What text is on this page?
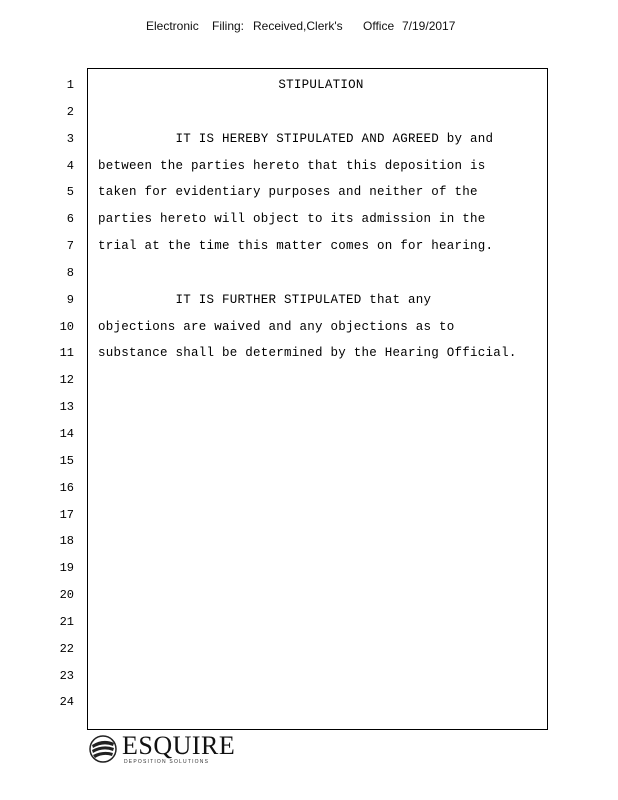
Electronic Filing: Received,Clerk's Office 7/19/2017
1
2
3
4
5
6
7
8
9
10
11
12
13
14
15
16
17
18
19
20
21
22
23
24
STIPULATION
IT IS HEREBY STIPULATED AND AGREED by and
between the parties hereto that this deposition is
taken for evidentiary purposes and neither of the
parties hereto will object to its admission in the
trial at the time this matter comes on for hearing.
IT IS FURTHER STIPULATED that any
objections are waived and any objections as to
substance shall be determined by the Hearing Official.
ESQUIRE
DEPOSITION SOLUTIONS
